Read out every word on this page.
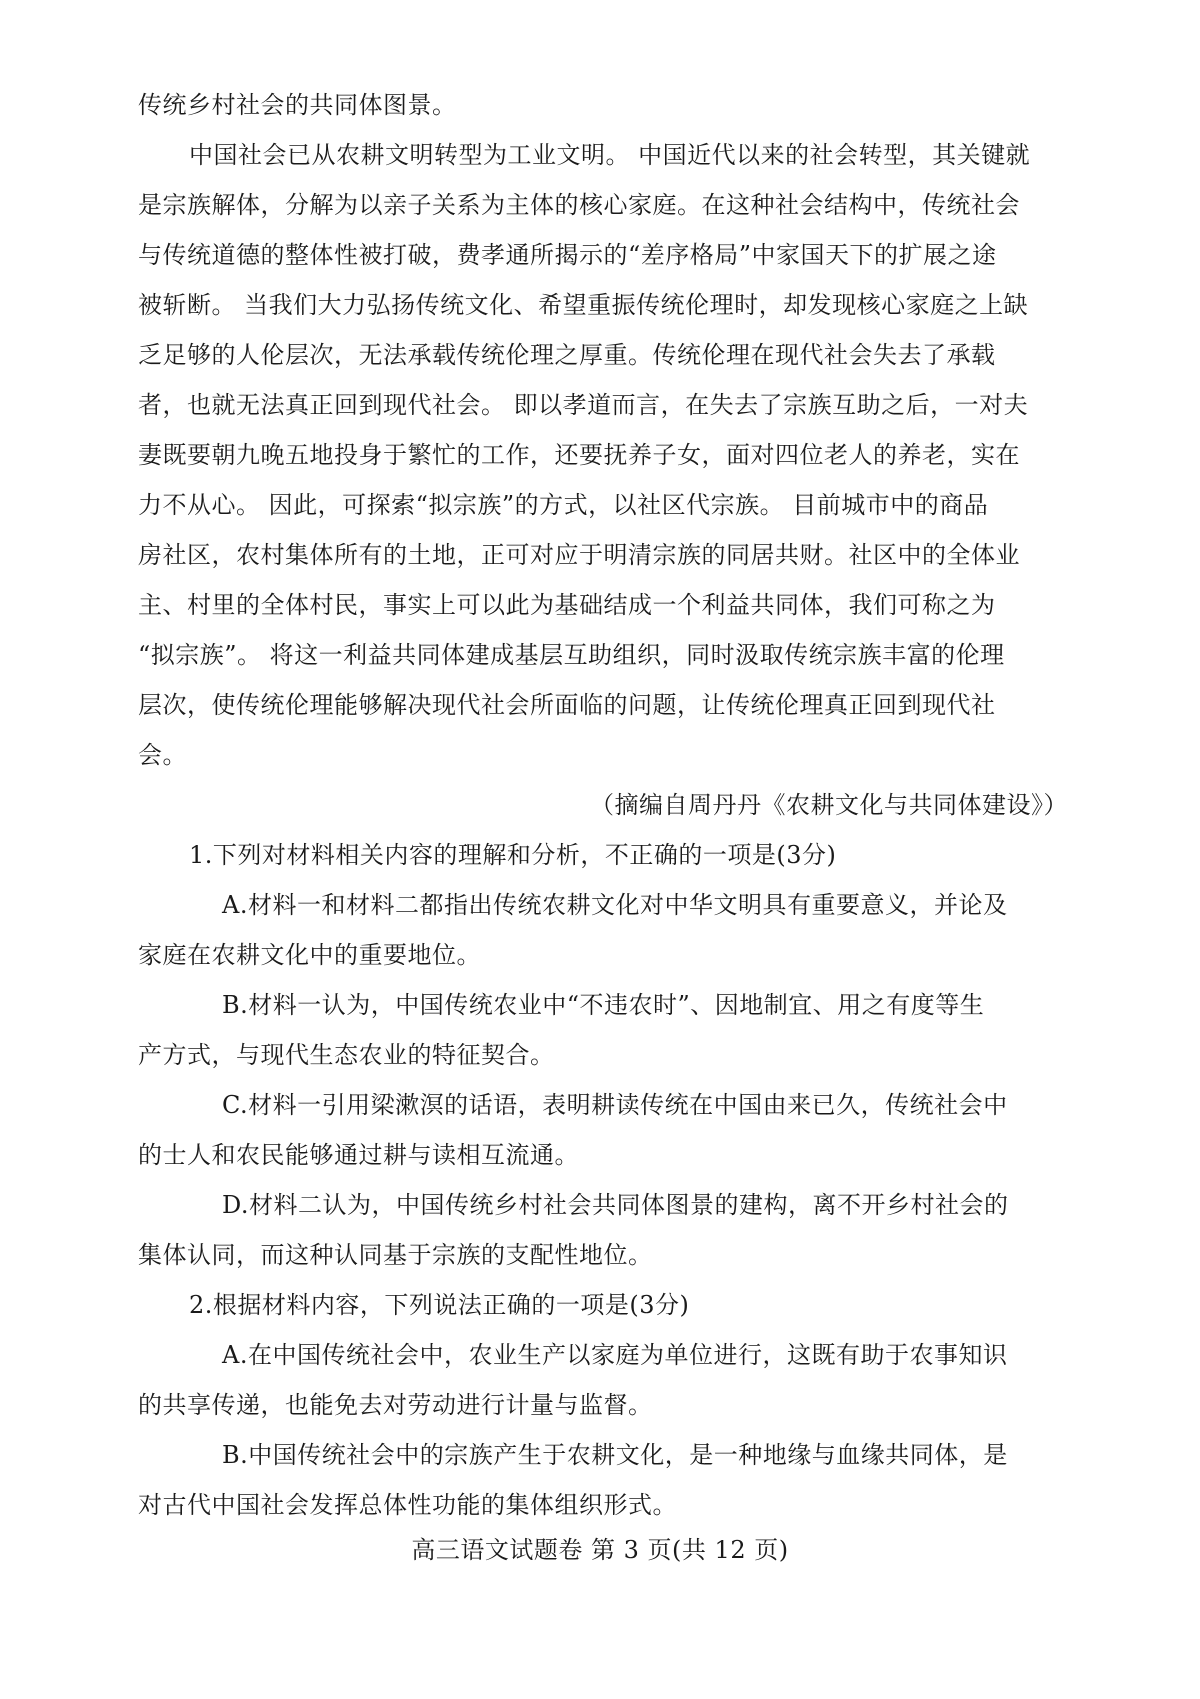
传统乡村社会的共同体图景。
中国社会已从农耕文明转型为工业文明。 中国近代以来的社会转型，其关键就
是宗族解体，分解为以亲子关系为主体的核心家庭。在这种社会结构中，传统社会
与传统道德的整体性被打破，费孝通所揭示的“差序格局”中家国天下的扩展之途
被斩断。 当我们大力弘扬传统文化、希望重振传统伦理时，却发现核心家庭之上缺
乏足够的人伦层次，无法承载传统伦理之厚重。传统伦理在现代社会失去了承载
者，也就无法真正回到现代社会。 即以孝道而言，在失去了宗族互助之后，一对夫
妻既要朝九晚五地投身于繁忙的工作，还要抚养子女，面对四位老人的养老，实在
力不从心。 因此，可探索“拟宗族”的方式，以社区代宗族。 目前城市中的商品
房社区，农村集体所有的土地，正可对应于明清宗族的同居共财。社区中的全体业
主、村里的全体村民，事实上可以此为基础结成一个利益共同体，我们可称之为
“拟宗族”。 将这一利益共同体建成基层互助组织，同时汲取传统宗族丰富的伦理
层次，使传统伦理能够解决现代社会所面临的问题，让传统伦理真正回到现代社
会。
（摘编自周丹丹《农耕文化与共同体建设》）
1.下列对材料相关内容的理解和分析，不正确的一项是(3分)
A.材料一和材料二都指出传统农耕文化对中华文明具有重要意义，并论及
家庭在农耕文化中的重要地位。
B.材料一认为，中国传统农业中“不违农时”、因地制宜、用之有度等生
产方式，与现代生态农业的特征契合。
C.材料一引用梁漱溟的话语，表明耕读传统在中国由来已久，传统社会中
的士人和农民能够通过耕与读相互流通。
D.材料二认为，中国传统乡村社会共同体图景的建构，离不开乡村社会的
集体认同，而这种认同基于宗族的支配性地位。
2.根据材料内容，下列说法正确的一项是(3分)
A.在中国传统社会中，农业生产以家庭为单位进行，这既有助于农事知识
的共享传递，也能免去对劳动进行计量与监督。
B.中国传统社会中的宗族产生于农耕文化，是一种地缘与血缘共同体，是
对古代中国社会发挥总体性功能的集体组织形式。
高三语文试题卷 第 3 页(共 12 页)
